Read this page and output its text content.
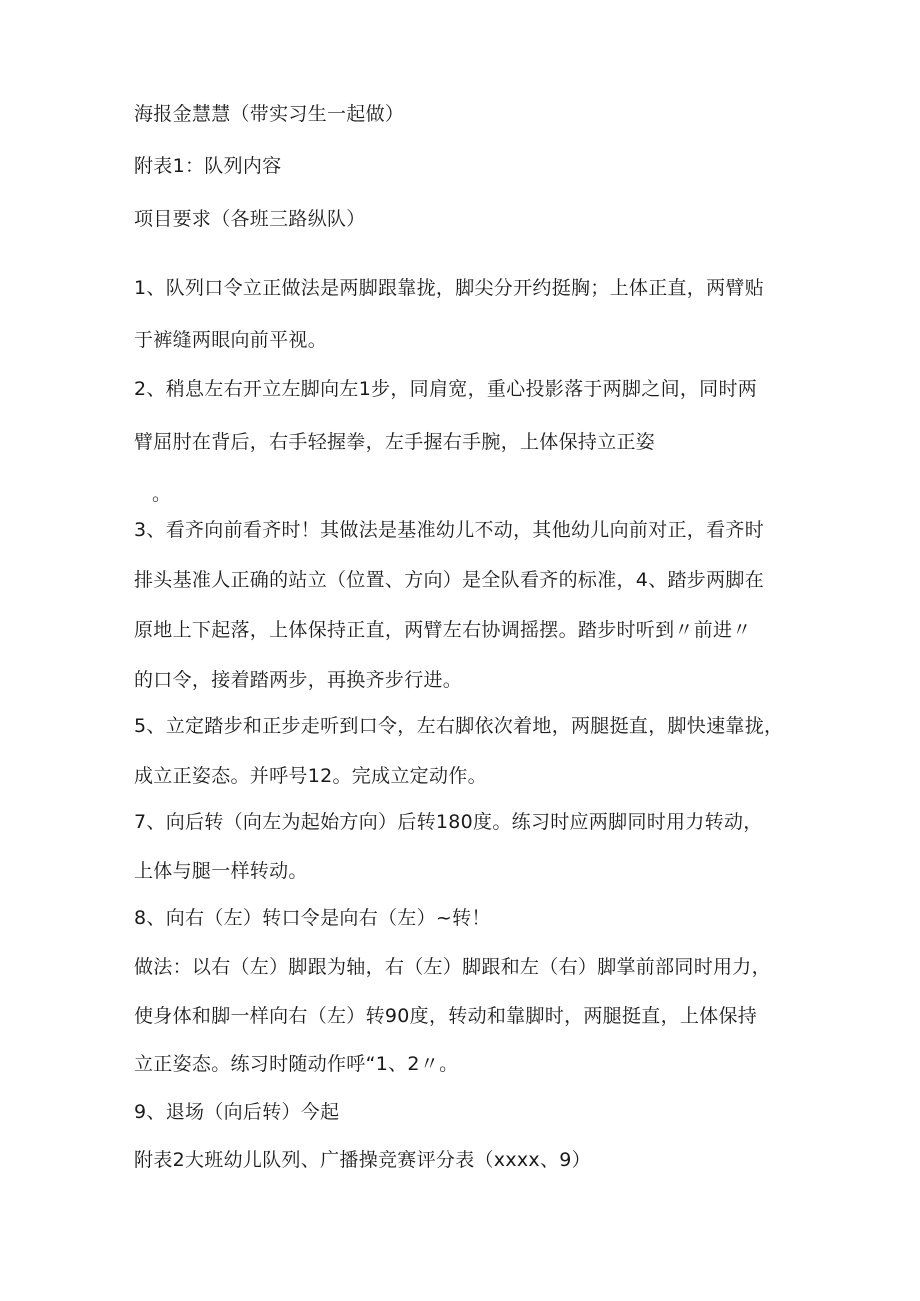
海报金慧慧（带实习生一起做）
附表1：队列内容
项目要求（各班三路纵队）
1、队列口令立正做法是两脚跟靠拢，脚尖分开约挺胸；上体正直，两臂贴
于裤缝两眼向前平视。
2、稍息左右开立左脚向左1步，同肩宽，重心投影落于两脚之间，同时两
臂屈肘在背后，右手轻握拳，左手握右手腕，上体保持立正姿
。
3、看齐向前看齐时！其做法是基准幼儿不动，其他幼儿向前对正，看齐时
排头基准人正确的站立（位置、方向）是全队看齐的标准，4、踏步两脚在
原地上下起落，上体保持正直，两臂左右协调摇摆。踏步时听到〃前进〃
的口令，接着踏两步，再换齐步行进。
5、立定踏步和正步走听到口令，左右脚依次着地，两腿挺直，脚快速靠拢，
成立正姿态。并呼号12。完成立定动作。
7、向后转（向左为起始方向）后转180度。练习时应两脚同时用力转动，
上体与腿一样转动。
8、向右（左）转口令是向右（左）~转！
做法：以右（左）脚跟为轴，右（左）脚跟和左（右）脚掌前部同时用力，
使身体和脚一样向右（左）转90度，转动和靠脚时，两腿挺直，上体保持
立正姿态。练习时随动作呼“1、2〃。
9、退场（向后转）今起
附表2大班幼儿队列、广播操竞赛评分表（xxxx、9）
